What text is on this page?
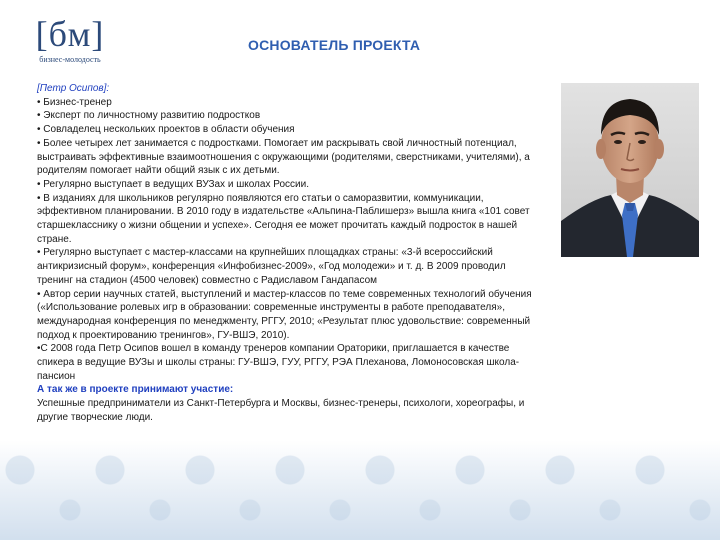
[бм]
бизнес-молодость
ОСНОВАТЕЛЬ ПРОЕКТА

[Петр Осипов]:

• Бизнес-тренер

• Эксперт по личностному развитию подростков

• Совладелец нескольких проектов в области обучения

• Более четырех лет занимается с подростками. Помогает им раскрывать свой личностный потенциал, выстраивать эффективные взаимоотношения с окружающими (родителями, сверстниками, учителями), а родителям помогает найти общий язык с их детьми.

• Регулярно выступает в ведущих ВУЗах и школах России.

• В изданиях для школьников регулярно появляются его статьи о саморазвитии, коммуникации, эффективном планировании. В 2010 году в издательстве «Альпина-Паблишерз» вышла книга «101 совет старшекласснику о жизни общении и успехе». Сегодня ее может прочитать каждый подросток в нашей стране.

• Регулярно выступает с мастер-классами на крупнейших площадках страны: «3-й всероссийский антикризисный форум», конференция «Инфобизнес-2009», «Год молодежи» и т. д. В 2009 проводил тренинг на стадион (4500 человек) совместно с Радиславом Гандапасом

• Автор серии научных статей, выступлений и мастер-классов по теме современных технологий обучения («Использование ролевых игр в образовании: современные инструменты в работе преподавателя», международная конференция по менеджменту, РГГУ, 2010; «Результат плюс удовольствие: современный подход к проектированию тренингов», ГУ-ВШЭ, 2010).

•С 2008 года Петр Осипов вошел в команду тренеров компании Ораторики, приглашается в качестве спикера в ведущие ВУЗы и школы страны: ГУ-ВШЭ, ГУУ, РГГУ, РЭА Плеханова, Ломоносовская школа-пансион

А так же в проекте принимают участие:

Успешные предприниматели из Санкт-Петербурга и Москвы, бизнес-тренеры, психологи, хореографы, и другие творческие люди.
